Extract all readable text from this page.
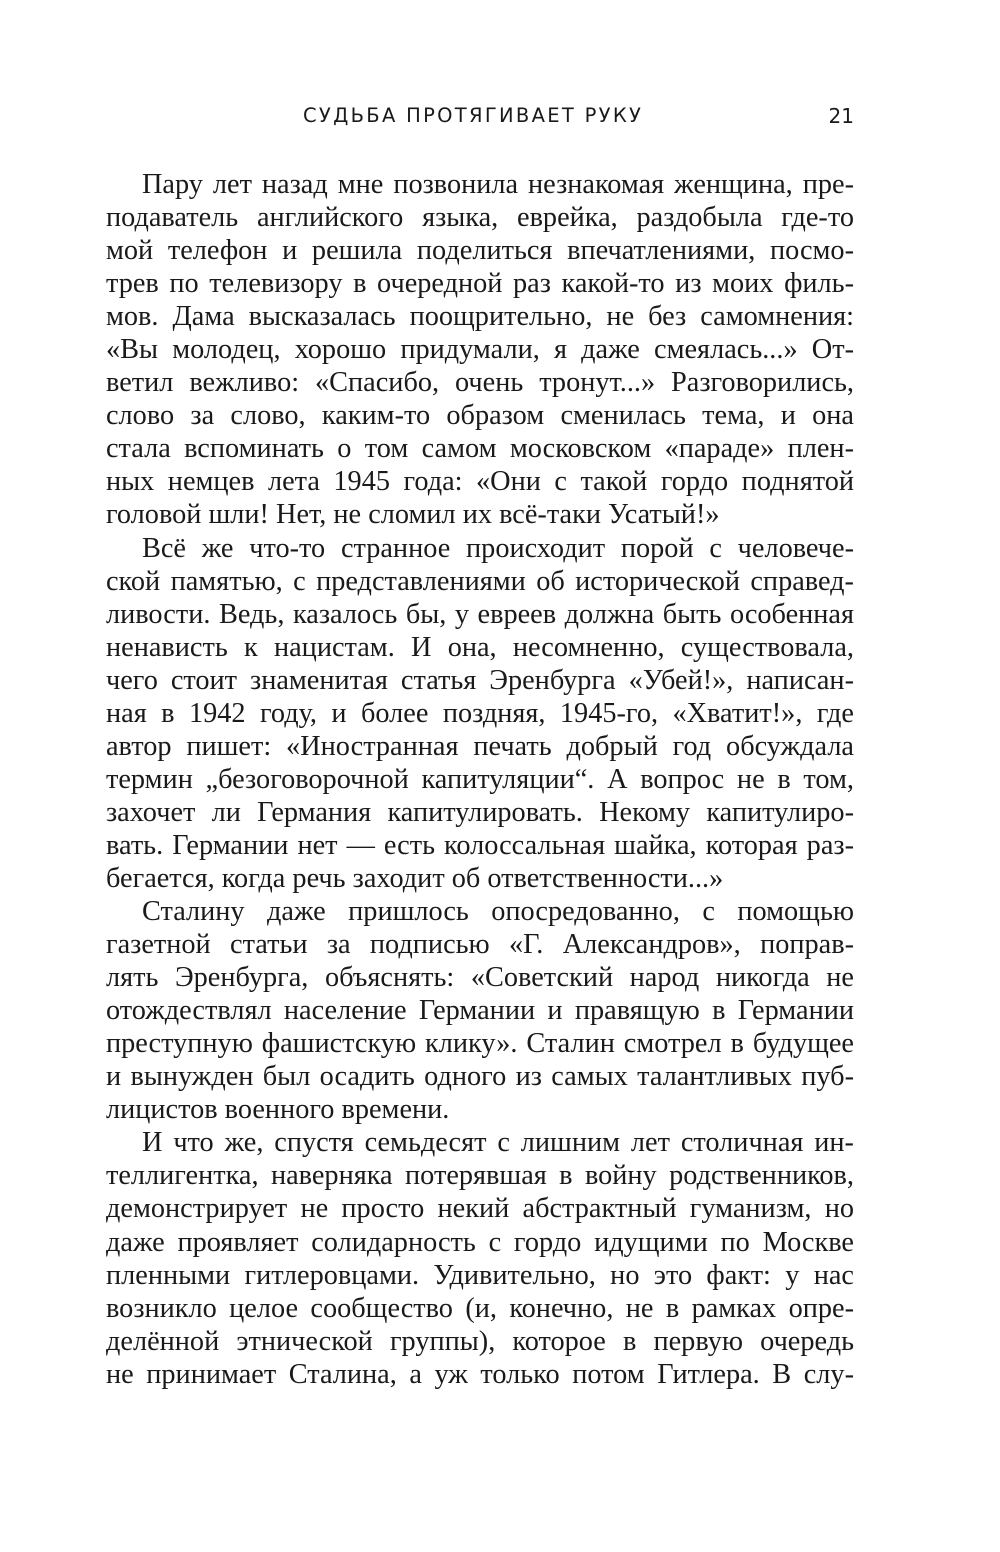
СУДЬБА ПРОТЯГИВАЕТ РУКУ	21
Пару лет назад мне позвонила незнакомая женщина, пре-
подаватель английского языка, еврейка, раздобыла где-то
мой телефон и решила поделиться впечатлениями, посмо-
трев по телевизору в очередной раз какой-то из моих филь-
мов. Дама высказалась поощрительно, не без самомнения:
«Вы молодец, хорошо придумали, я даже смеялась...» От-
ветил вежливо: «Спасибо, очень тронут...» Разговорились,
слово за слово, каким-то образом сменилась тема, и она
стала вспоминать о том самом московском «параде» плен-
ных немцев лета 1945 года: «Они с такой гордо поднятой
головой шли! Нет, не сломил их всё-таки Усатый!»
Всё же что-то странное происходит порой с человече-
ской памятью, с представлениями об исторической справед-
ливости. Ведь, казалось бы, у евреев должна быть особенная
ненависть к нацистам. И она, несомненно, существовала,
чего стоит знаменитая статья Эренбурга «Убей!», написан-
ная в 1942 году, и более поздняя, 1945-го, «Хватит!», где
автор пишет: «Иностранная печать добрый год обсуждала
термин „безоговорочной капитуляции“. А вопрос не в том,
захочет ли Германия капитулировать. Некому капитулиро-
вать. Германии нет — есть колоссальная шайка, которая раз-
бегается, когда речь заходит об ответственности...»
Сталину даже пришлось опосредованно, с помощью
газетной статьи за подписью «Г. Александров», поправ-
лять Эренбурга, объяснять: «Советский народ никогда не
отождествлял население Германии и правящую в Германии
преступную фашистскую клику». Сталин смотрел в будущее
и вынужден был осадить одного из самых талантливых пуб-
лицистов военного времени.
И что же, спустя семьдесят с лишним лет столичная ин-
теллигентка, наверняка потерявшая в войну родственников,
демонстрирует не просто некий абстрактный гуманизм, но
даже проявляет солидарность с гордо идущими по Москве
пленными гитлеровцами. Удивительно, но это факт: у нас
возникло целое сообщество (и, конечно, не в рамках опре-
делённой этнической группы), которое в первую очередь
не принимает Сталина, а уж только потом Гитлера. В слу-
